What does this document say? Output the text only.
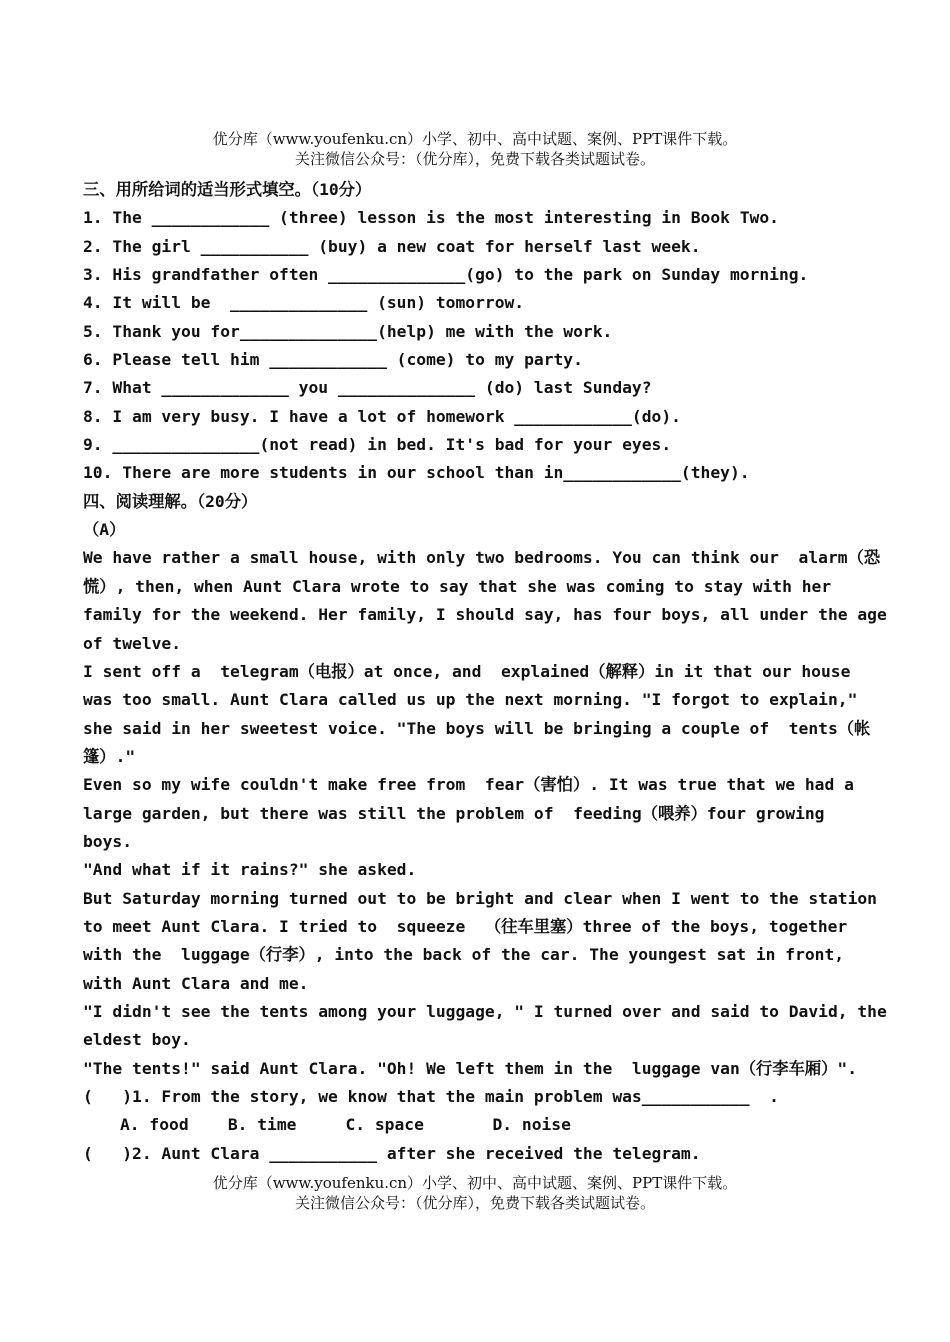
优分库（www.youfenku.cn）小学、初中、高中试题、案例、PPT课件下载。
关注微信公众号：（优分库），免费下载各类试题试卷。
三、用所给词的适当形式填空。（10分）
1. The ____________ (three) lesson is the most interesting in Book Two.
2. The girl ___________ (buy) a new coat for herself last week.
3. His grandfather often ______________(go) to the park on Sunday morning.
4. It will be  ______________ (sun) tomorrow.
5. Thank you for______________(help) me with the work.
6. Please tell him ____________ (come) to my party.
7. What _____________ you ______________ (do) last Sunday?
8. I am very busy. I have a lot of homework ____________(do).
9. _______________(not read) in bed. It's bad for your eyes.
10. There are more students in our school than in____________(they).
四、阅读理解。（20分）
（A）
We have rather a small house, with only two bedrooms. You can think our  alarm（恐
慌）, then, when Aunt Clara wrote to say that she was coming to stay with her
family for the weekend. Her family, I should say, has four boys, all under the age
of twelve.
I sent off a  telegram（电报）at once, and  explained（解释）in it that our house
was too small. Aunt Clara called us up the next morning. "I forgot to explain,"
she said in her sweetest voice. "The boys will be bringing a couple of  tents（帐
篷）."
Even so my wife couldn't make free from  fear（害怕）. It was true that we had a
large garden, but there was still the problem of  feeding（喂养）four growing
boys.
"And what if it rains?" she asked.
But Saturday morning turned out to be bright and clear when I went to the station
to meet Aunt Clara. I tried to  squeeze  （往车里塞）three of the boys, together
with the  luggage（行李）, into the back of the car. The youngest sat in front,
with Aunt Clara and me.
"I didn't see the tents among your luggage, " I turned over and said to David, the
eldest boy.
"The tents!" said Aunt Clara. "Oh! We left them in the  luggage van（行李车厢）".
(   )1. From the story, we know that the main problem was___________  .
A. food    B. time     C. space       D. noise
(   )2. Aunt Clara ___________ after she received the telegram.
优分库（www.youfenku.cn）小学、初中、高中试题、案例、PPT课件下载。
关注微信公众号：（优分库），免费下载各类试题试卷。
